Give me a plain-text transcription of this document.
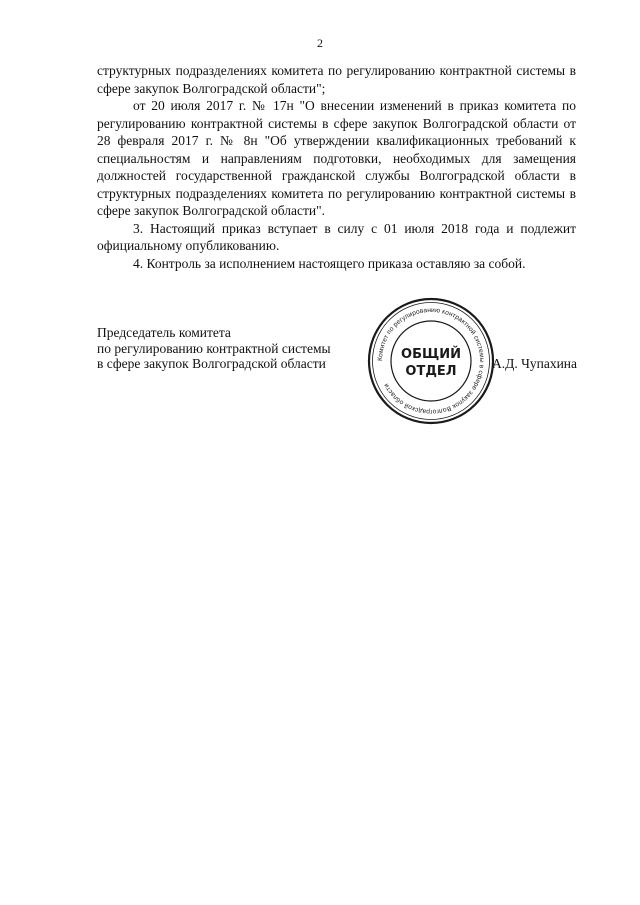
2

структурных подразделениях комитета по регулированию контрактной системы в сфере закупок Волгоградской области";

от 20 июля 2017 г. № 17н "О внесении изменений в приказ комитета по регулированию контрактной системы в сфере закупок Волгоградской области от 28 февраля 2017 г. № 8н "Об утверждении квалификационных требований к специальностям и направлениям подготовки, необходимых для замещения должностей государственной гражданской службы Волгоградской области в структурных подразделениях комитета по регулированию контрактной системы в сфере закупок Волгоградской области".

3. Настоящий приказ вступает в силу с 01 июля 2018 года и подлежит официальному опубликованию.

4. Контроль за исполнением настоящего приказа оставляю за собой.

Председатель комитета
по регулированию контрактной системы
в сфере закупок Волгоградской области	А.Д. Чупахина
Комитет по регулированию контрактной системы в сфере закупок Волгоградской области
ОБЩИЙ
ОТДЕЛ
